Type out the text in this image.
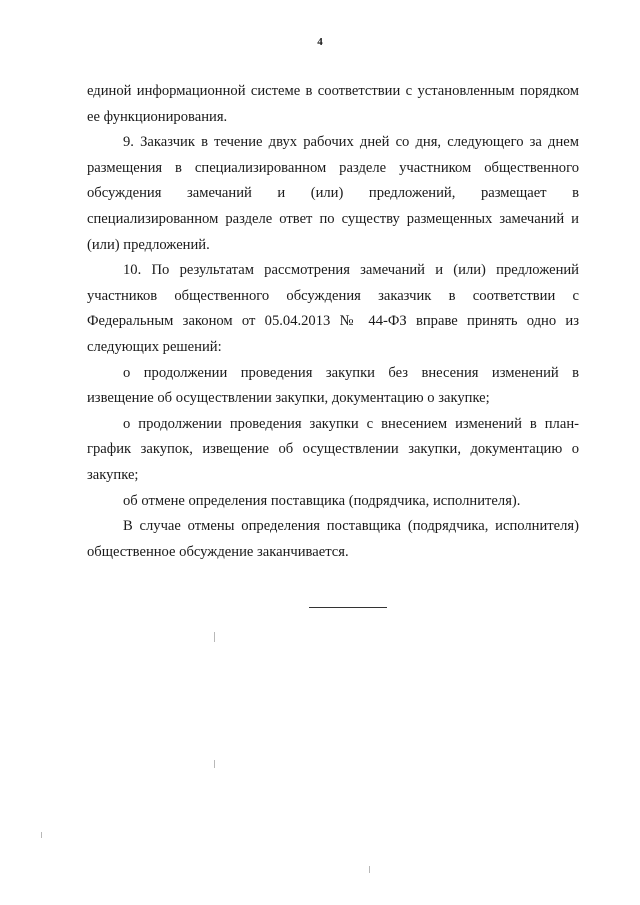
4

единой информационной системе в соответствии с установленным порядком ее функционирования.

9. Заказчик в течение двух рабочих дней со дня, следующего за днем размещения в специализированном разделе участником общественного обсуждения замечаний и (или) предложений, размещает в специализированном разделе ответ по существу размещенных замечаний и (или) предложений.

10. По результатам рассмотрения замечаний и (или) предложений участников общественного обсуждения заказчик в соответствии с Федеральным законом от 05.04.2013 № 44-ФЗ вправе принять одно из следующих решений:

о продолжении проведения закупки без внесения изменений в извещение об осуществлении закупки, документацию о закупке;

о продолжении проведения закупки с внесением изменений в план-график закупок, извещение об осуществлении закупки, документацию о закупке;

об отмене определения поставщика (подрядчика, исполнителя).

В случае отмены определения поставщика (подрядчика, исполнителя) общественное обсуждение заканчивается.
